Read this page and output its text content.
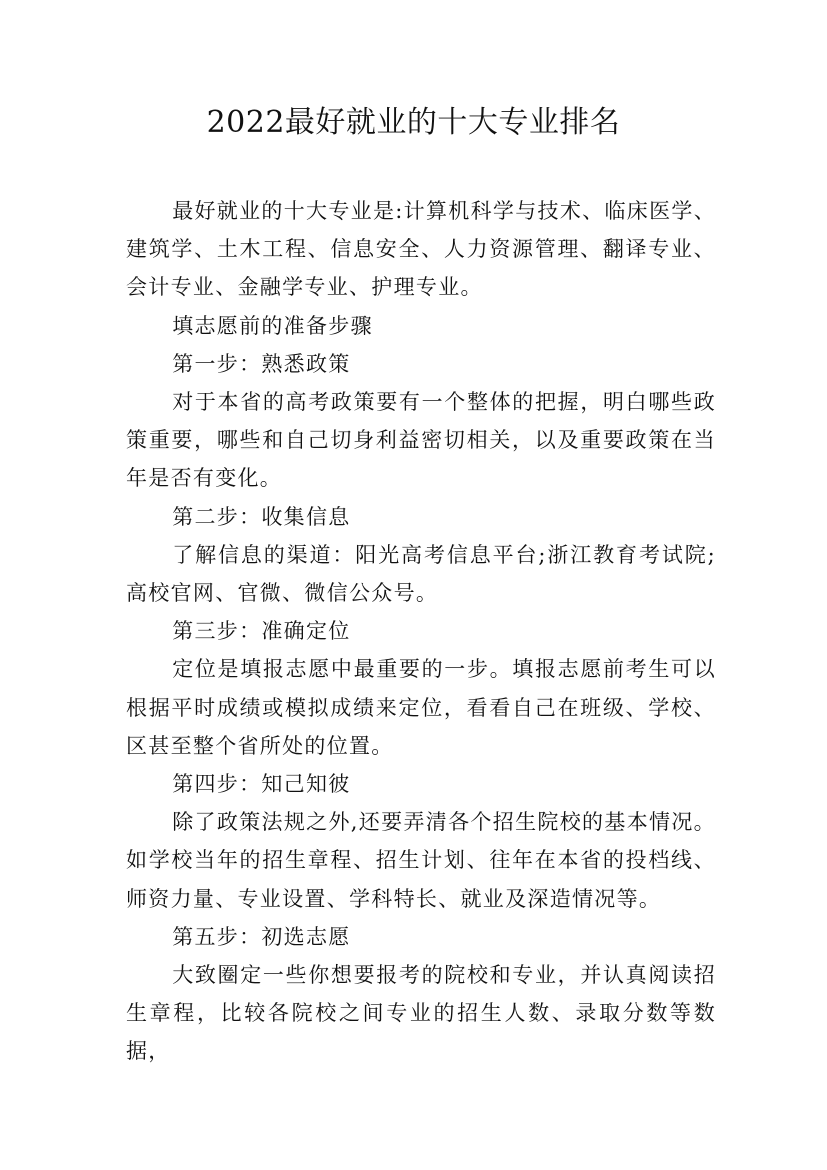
2022最好就业的十大专业排名

最好就业的十大专业是:计算机科学与技术、临床医学、建筑学、土木工程、信息安全、人力资源管理、翻译专业、会计专业、金融学专业、护理专业。

填志愿前的准备步骤

第一步：熟悉政策

对于本省的高考政策要有一个整体的把握，明白哪些政策重要，哪些和自己切身利益密切相关，以及重要政策在当年是否有变化。

第二步：收集信息

了解信息的渠道：阳光高考信息平台;浙江教育考试院;高校官网、官微、微信公众号。

第三步：准确定位

定位是填报志愿中最重要的一步。填报志愿前考生可以根据平时成绩或模拟成绩来定位，看看自己在班级、学校、区甚至整个省所处的位置。

第四步：知己知彼

除了政策法规之外,还要弄清各个招生院校的基本情况。如学校当年的招生章程、招生计划、往年在本省的投档线、师资力量、专业设置、学科特长、就业及深造情况等。

第五步：初选志愿

大致圈定一些你想要报考的院校和专业，并认真阅读招生章程，比较各院校之间专业的招生人数、录取分数等数据，
